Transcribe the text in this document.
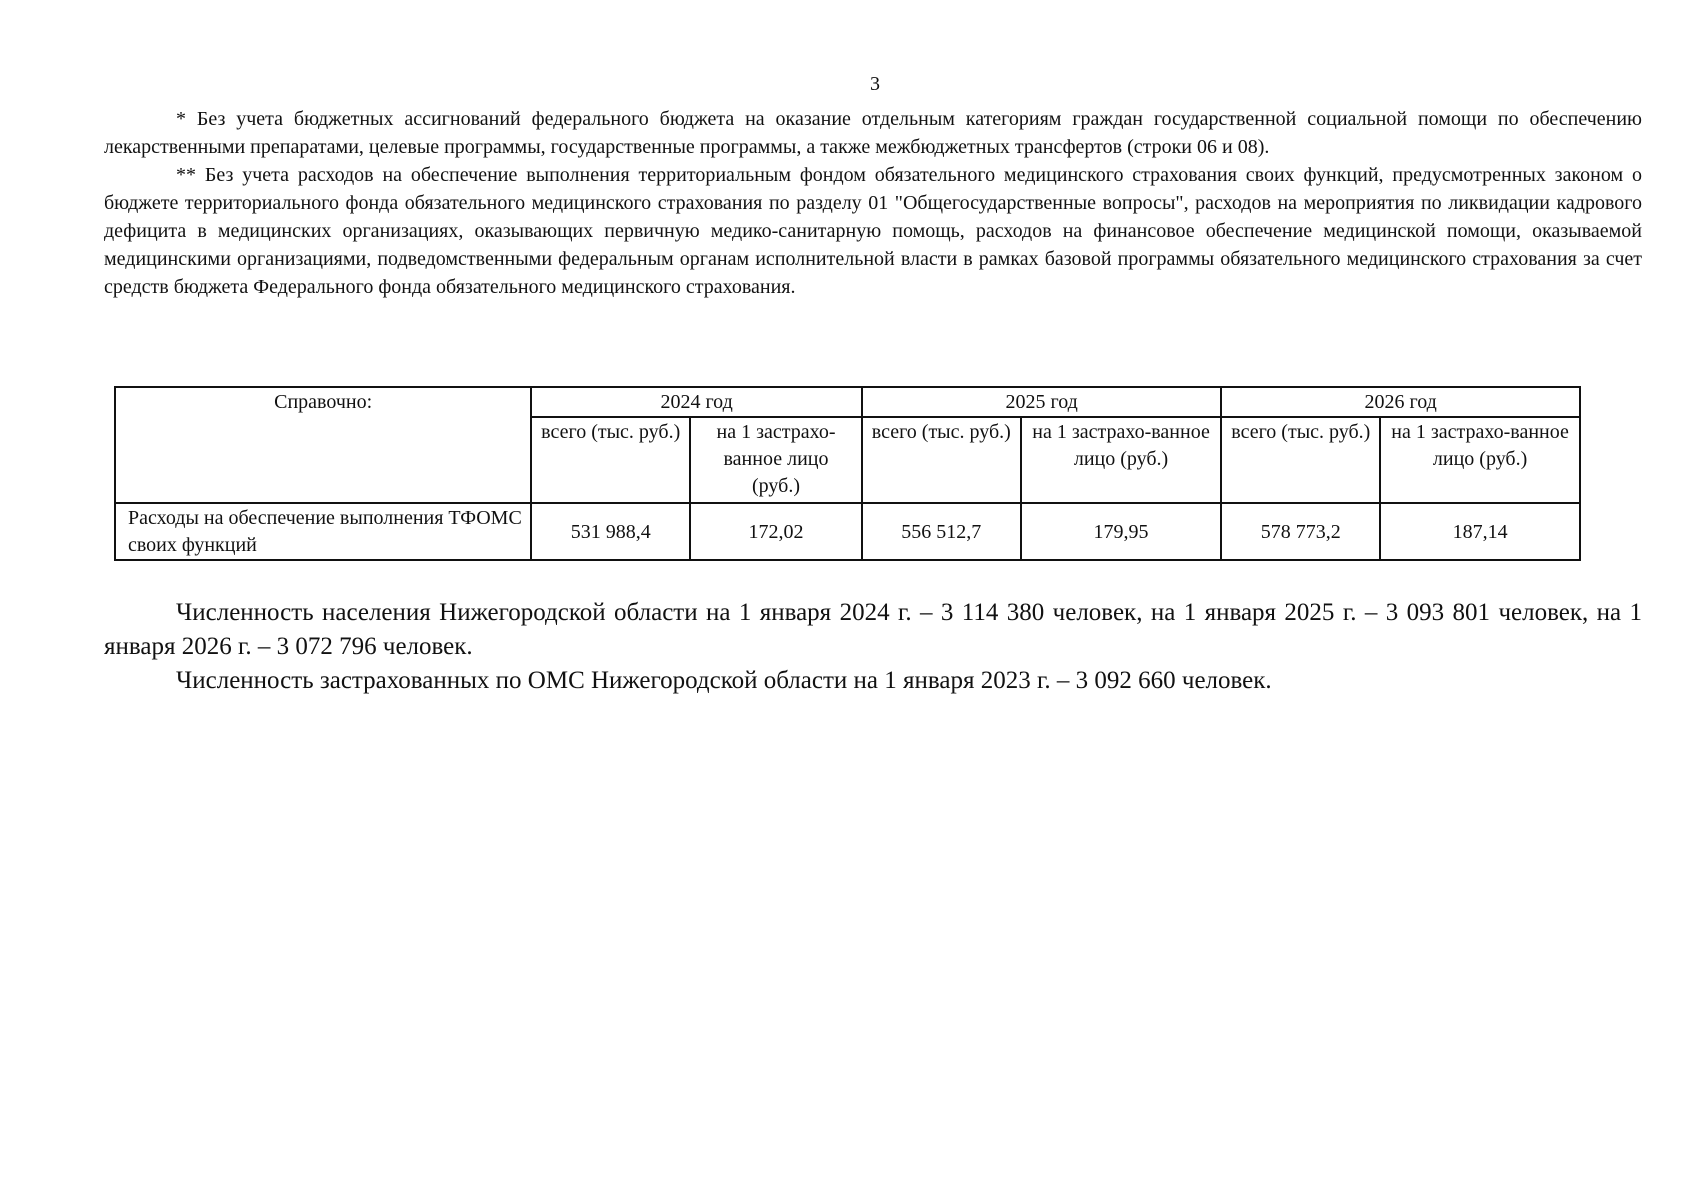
3

* Без учета бюджетных ассигнований федерального бюджета на оказание отдельным категориям граждан государственной социальной помощи по обеспечению лекарственными препаратами, целевые программы, государственные программы, а также межбюджетных трансфертов (строки 06 и 08).

** Без учета расходов на обеспечение выполнения территориальным фондом обязательного медицинского страхования своих функций, предусмотренных законом о бюджете территориального фонда обязательного медицинского страхования по разделу 01 "Общегосударственные вопросы", расходов на мероприятия по ликвидации кадрового дефицита в медицинских организациях, оказывающих первичную медико-санитарную помощь, расходов на финансовое обеспечение медицинской помощи, оказываемой медицинскими организациями, подведомственными федеральным органам исполнительной власти в рамках базовой программы обязательного медицинского страхования за счет средств бюджета Федерального фонда обязательного медицинского страхования.

Справочно:	2024 год		2025 год		2026 год	
	всего (тыс. руб.)	на 1 застрахо-ванное лицо (руб.)	всего (тыс. руб.)	на 1 застрахо-ванное лицо (руб.)	всего (тыс. руб.)	на 1 застрахо-ванное лицо (руб.)
Расходы на обеспечение выполнения ТФОМС своих функций	531 988,4	172,02	556 512,7	179,95	578 773,2	187,14

Численность населения Нижегородской области на 1 января 2024 г. – 3 114 380 человек, на 1 января 2025 г. – 3 093 801 человек, на 1 января 2026 г. – 3 072 796 человек.

Численность застрахованных по ОМС Нижегородской области на 1 января 2023 г. – 3 092 660 человек.
